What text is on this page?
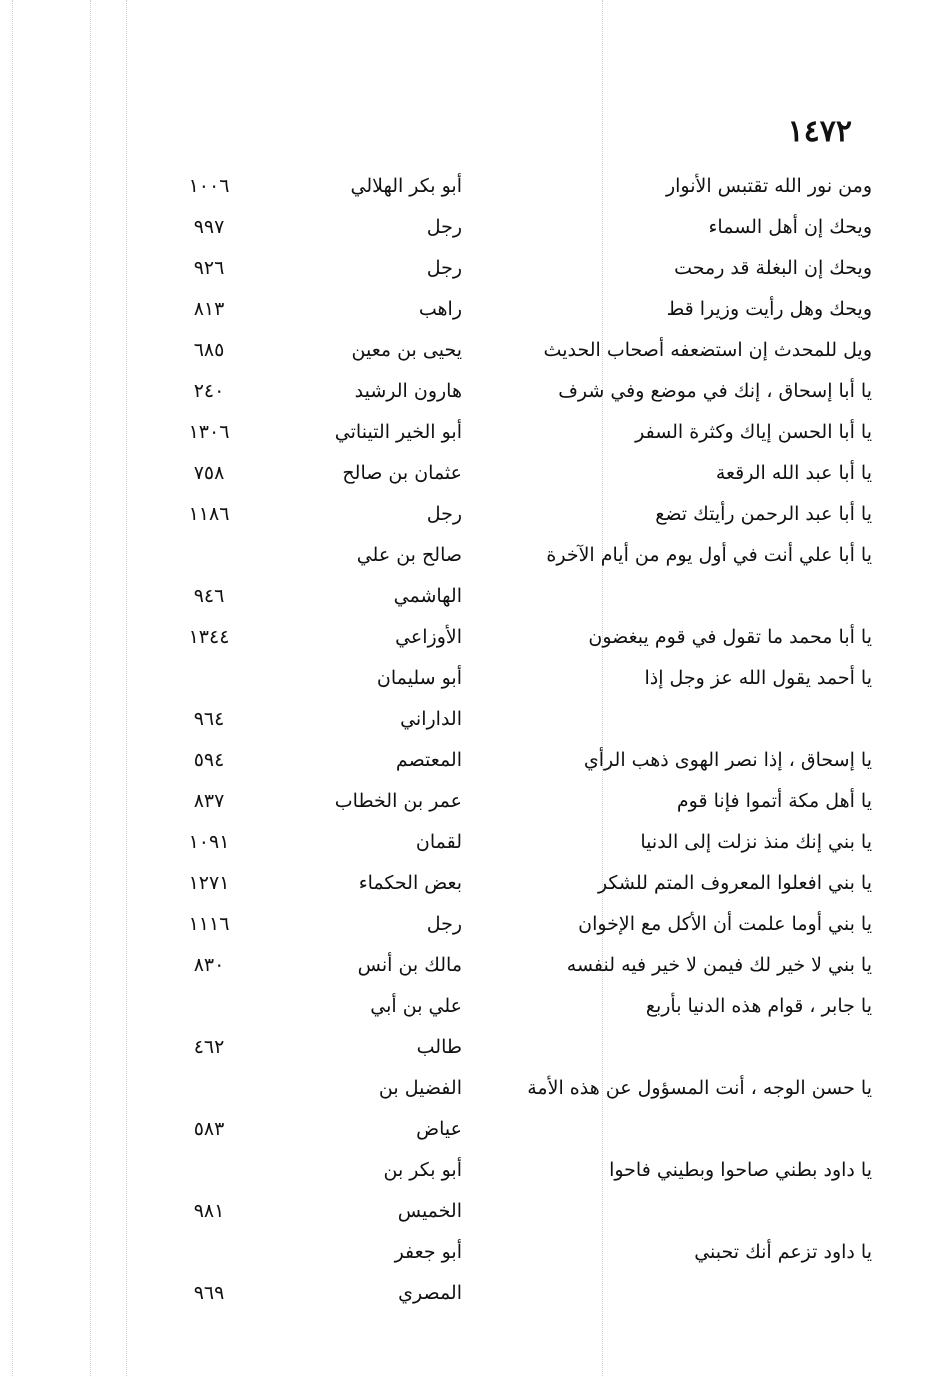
١٤٧٢
ومن نور الله تقتبس الأنوار
أبو بكر الهلالي
١٠٠٦
ويحك إن أهل السماء
رجل
٩٩٧
ويحك إن البغلة قد رمحت
رجل
٩٢٦
ويحك وهل رأيت وزيرا قط
راهب
٨١٣
ويل للمحدث إن استضعفه أصحاب الحديث
يحيى بن معين
٦٨٥
يا أبا إسحاق ، إنك في موضع وفي شرف
هارون الرشيد
٢٤٠
يا أبا الحسن إياك وكثرة السفر
أبو الخير التيناتي
١٣٠٦
يا أبا عبد الله الرقعة
عثمان بن صالح
٧٥٨
يا أبا عبد الرحمن رأيتك تضع
رجل
١١٨٦
يا أبا علي أنت في أول يوم من أيام الآخرة
صالح بن علي
الهاشمي
٩٤٦
يا أبا محمد ما تقول في قوم يبغضون
الأوزاعي
١٣٤٤
يا أحمد يقول الله عز وجل إذا
أبو سليمان
الداراني
٩٦٤
يا إسحاق ، إذا نصر الهوى ذهب الرأي
المعتصم
٥٩٤
يا أهل مكة أتموا فإنا قوم
عمر بن الخطاب
٨٣٧
يا بني إنك منذ نزلت إلى الدنيا
لقمان
١٠٩١
يا بني افعلوا المعروف المتم للشكر
بعض الحكماء
١٢٧١
يا بني أوما علمت أن الأكل مع الإخوان
رجل
١١١٦
يا بني لا خير لك فيمن لا خير فيه لنفسه
مالك بن أنس
٨٣٠
يا جابر ، قوام هذه الدنيا بأربع
علي بن أبي
طالب
٤٦٢
يا حسن الوجه ، أنت المسؤول عن هذه الأمة
الفضيل بن
عياض
٥٨٣
يا داود بطني صاحوا وبطيني فاحوا
أبو بكر بن
الخميس
٩٨١
يا داود تزعم أنك تحبني
أبو جعفر
المصري
٩٦٩
